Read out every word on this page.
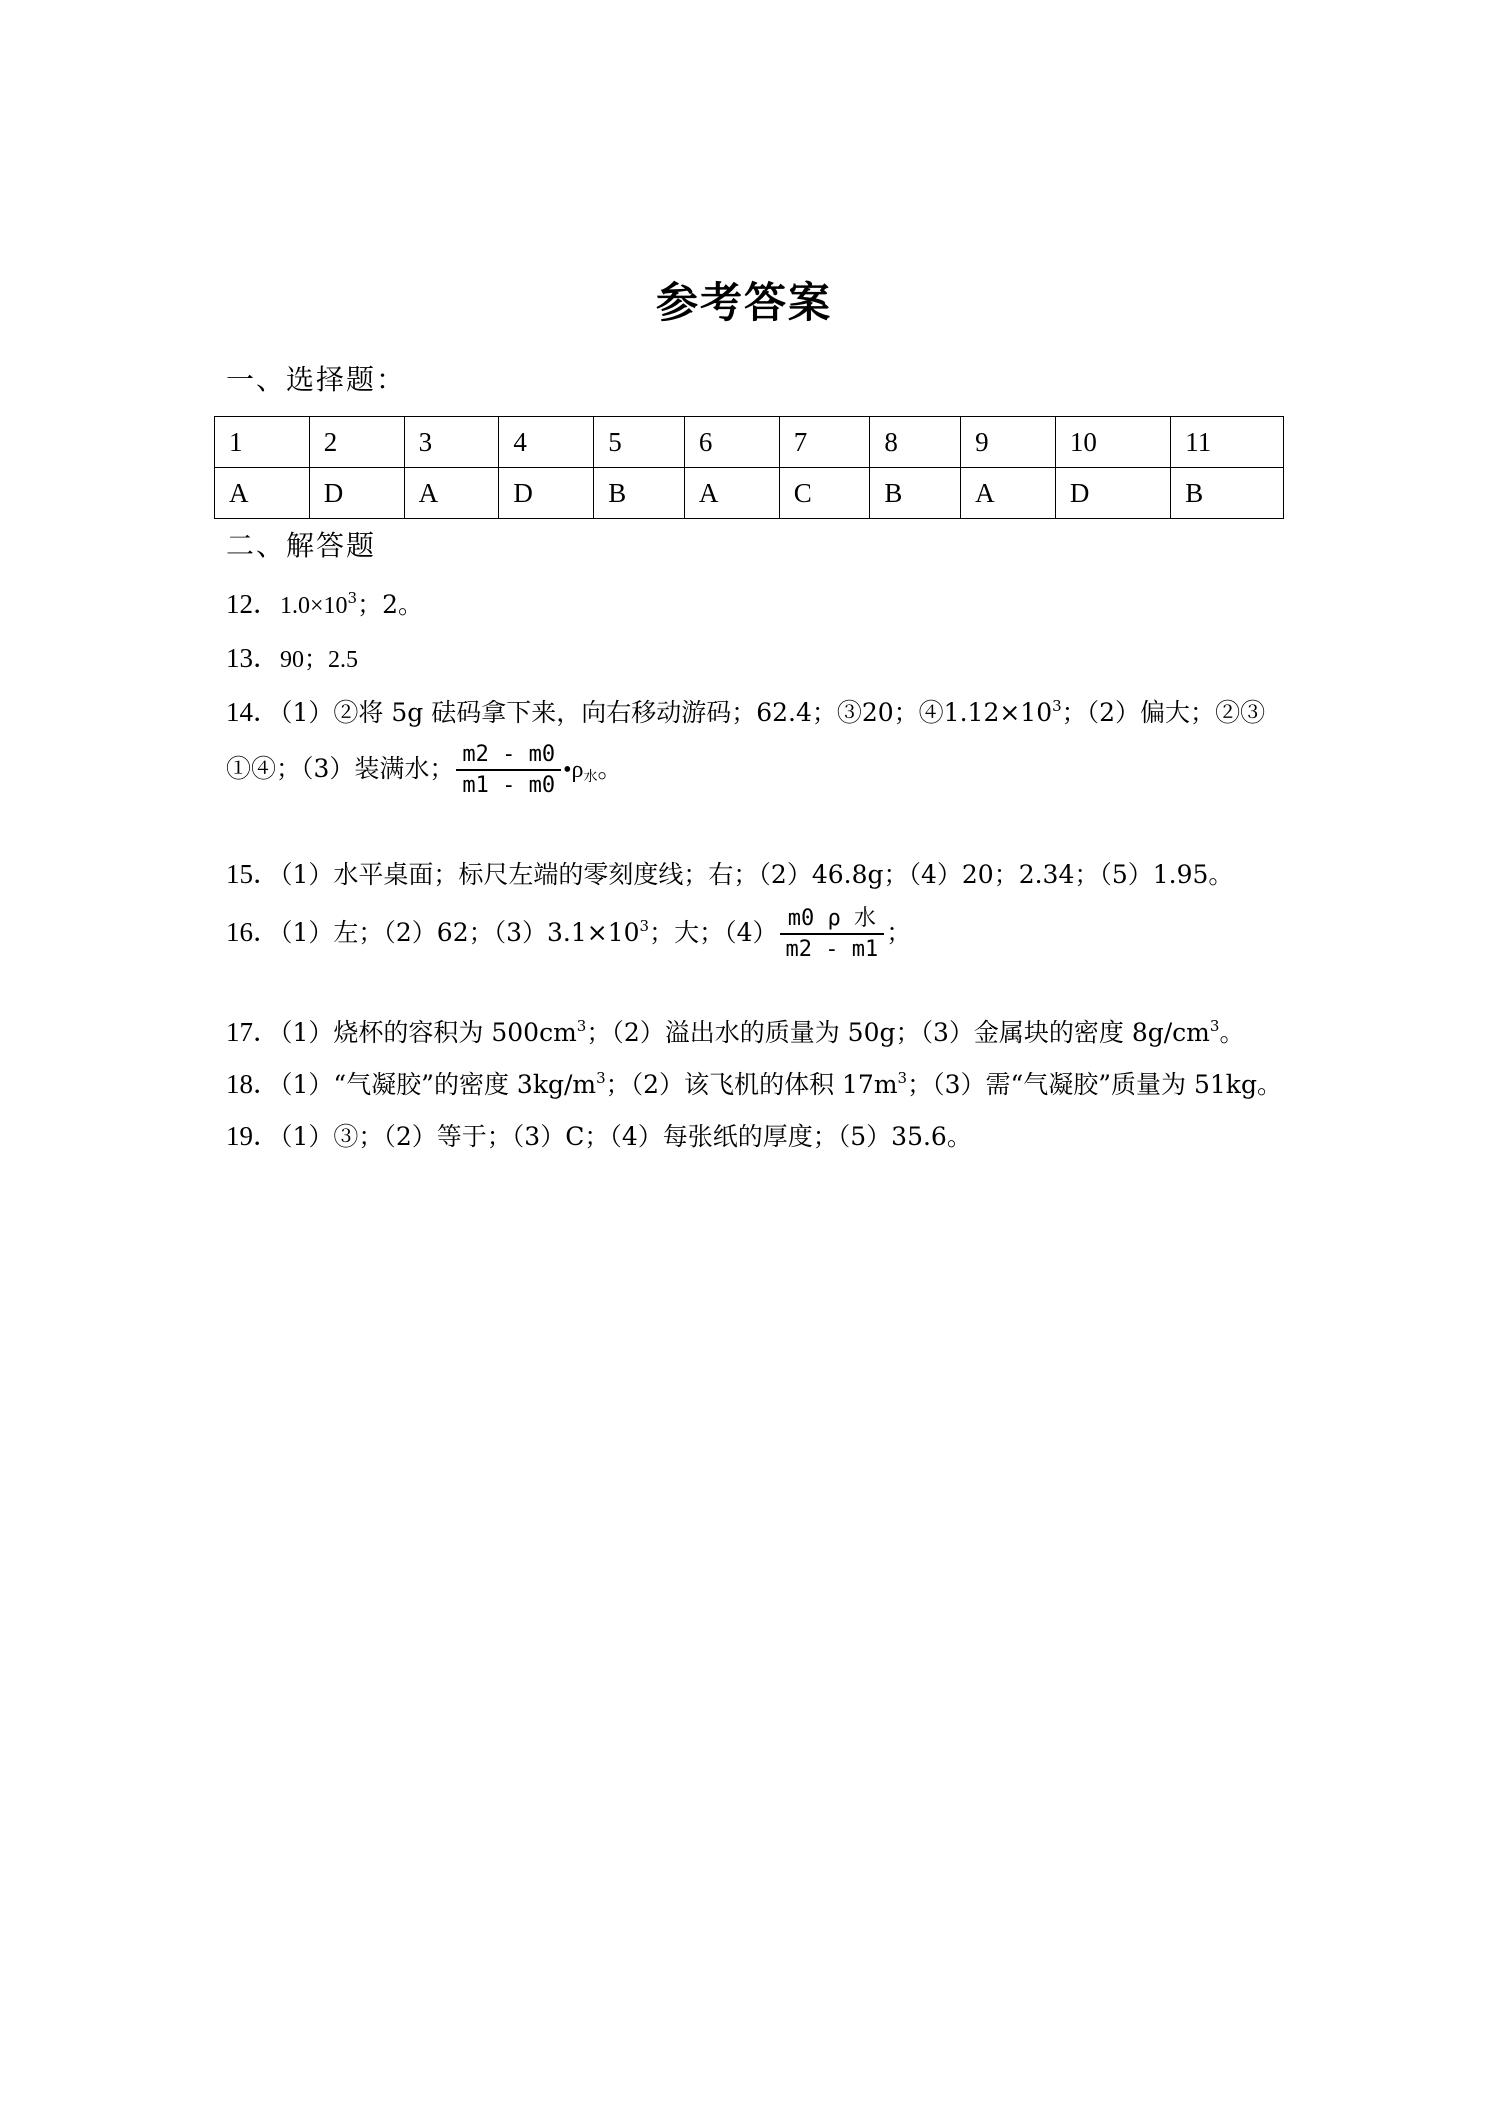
参考答案
一、选择题：
1	2	3	4	5	6	7	8	9	10	11
A	D	A	D	B	A	C	B	A	D	B
二、解答题
12．$1.0\times 10^3$；2。
13．90；2.5
14．（1）②将 5g 砝码拿下来，向右移动游码；62.4；③20；$④1.12\times 10^3$；（2）偏大；②③
①④；（3）装满水； $\frac{m2 - m0}{m1 - m0}$ $•\rho_水$。
15．（1）水平桌面；标尺左端的零刻度线；右；（2）46.8g；（4）20；2.34；（5）1.95。
16．（1）左；（2）62；$(3)3.1\times 10^3$；大；$(4) \frac{\text{m0 ρ 水}}{m2 - m1}$ ；
17．（1）烧杯的容积为 $500cm^3$；（2）溢出水的质量为 50g；（3）金属块的密度 $8g/cm^3$。
18．（1）“气凝胶”的密度 $3kg/m^3$；（2）该飞机的体积 $17m^3$；（3）需“气凝胶”质量为 51kg。
19．（1）③；（2）等于；（3）C；（4）每张纸的厚度；（5）35.6。
